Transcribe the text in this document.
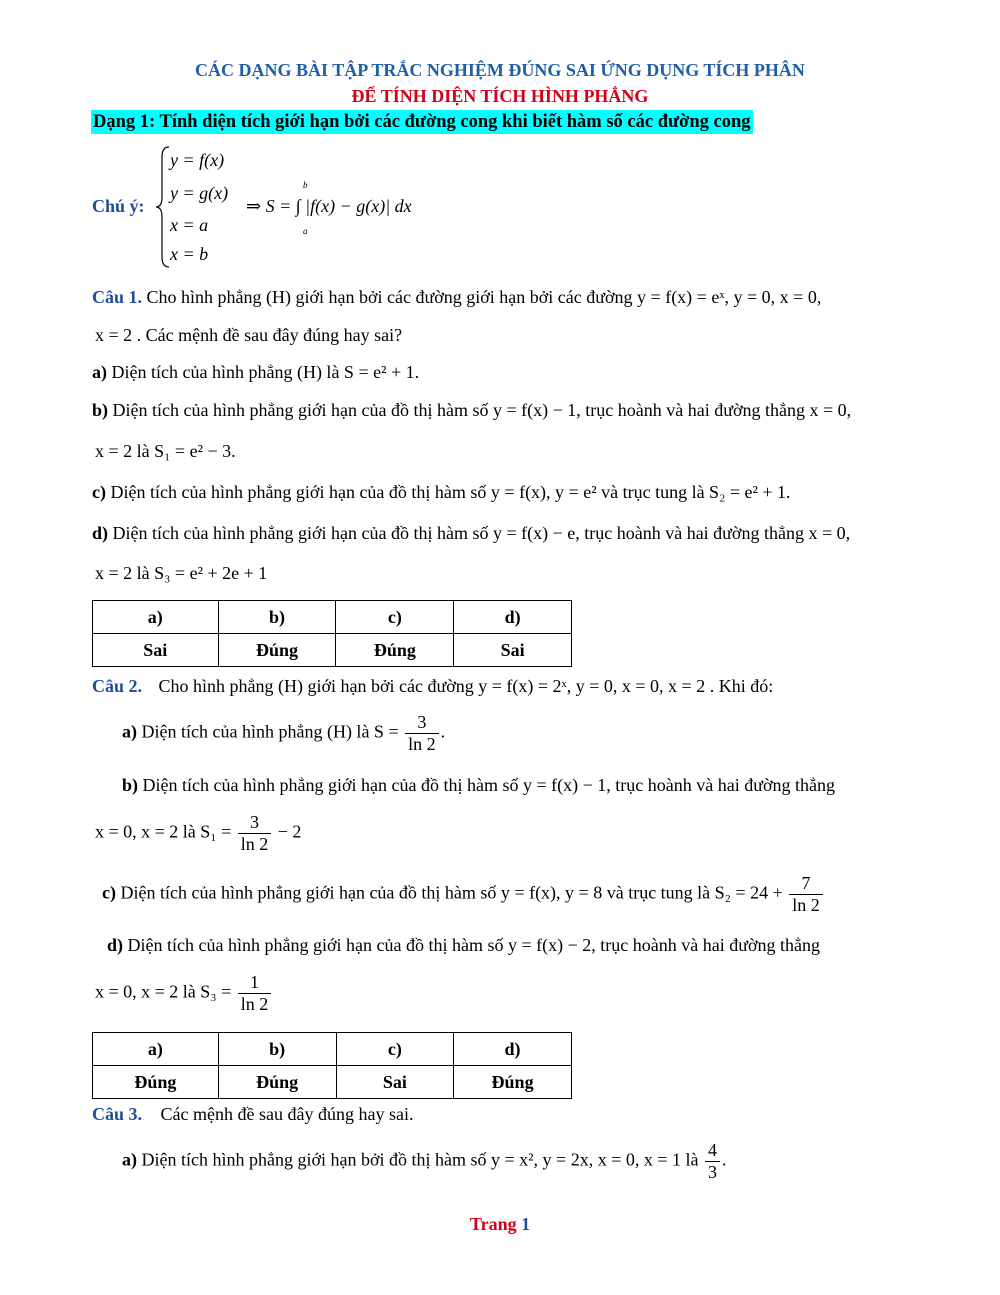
CÁC DẠNG BÀI TẬP TRẮC NGHIỆM ĐÚNG SAI ỨNG DỤNG TÍCH PHÂN
ĐỂ TÍNH DIỆN TÍCH HÌNH PHẲNG
Dạng 1: Tính diện tích giới hạn bởi các đường cong khi biết hàm số các đường cong
Chú ý:
y = f(x)
y = g(x)
x = a
x = b
b
a
⇒ S = ∫ |f(x) − g(x)| dx
Câu 1. Cho hình phẳng (H) giới hạn bởi các đường giới hạn bởi các đường y = f(x) = eˣ, y = 0, x = 0,
x = 2 . Các mệnh đề sau đây đúng hay sai?
a) Diện tích của hình phẳng (H) là S = e² + 1.
b) Diện tích của hình phẳng giới hạn của đồ thị hàm số y = f(x) − 1, trục hoành và hai đường thẳng x = 0,
x = 2 là S₁ = e² − 3.
c) Diện tích của hình phẳng giới hạn của đồ thị hàm số y = f(x), y = e² và trục tung là S₂ = e² + 1.
d) Diện tích của hình phẳng giới hạn của đồ thị hàm số y = f(x) − e, trục hoành và hai đường thẳng x = 0,
x = 2 là S₃ = e² + 2e + 1
a)	b)	c)	d)
Sai	Đúng	Đúng	Sai
Câu 2. Cho hình phẳng (H) giới hạn bởi các đường y = f(x) = 2ˣ, y = 0, x = 0, x = 2 . Khi đó:
a) Diện tích của hình phẳng (H) là $S = \frac{3}{\ln 2}$ .
b) Diện tích của hình phẳng giới hạn của đồ thị hàm số y = f(x) − 1, trục hoành và hai đường thẳng
x = 0, x = 2 là $S_1 = \frac{3}{\ln 2} - 2$
c) Diện tích của hình phẳng giới hạn của đồ thị hàm số y = f(x), y = 8 và trục tung là $S_2 = 24 + \frac{7}{\ln 2}$
d) Diện tích của hình phẳng giới hạn của đồ thị hàm số y = f(x) − 2, trục hoành và hai đường thẳng
x = 0, x = 2 là $S_3 = \frac{1}{\ln 2}$
a)	b)	c)	d)
Đúng	Đúng	Sai	Đúng
Câu 3. Các mệnh đề sau đây đúng hay sai.
a) Diện tích hình phẳng giới hạn bởi đồ thị hàm số y = x², y = 2x, x = 0, x = 1 là $\frac{4}{3}$ .
Trang 1
